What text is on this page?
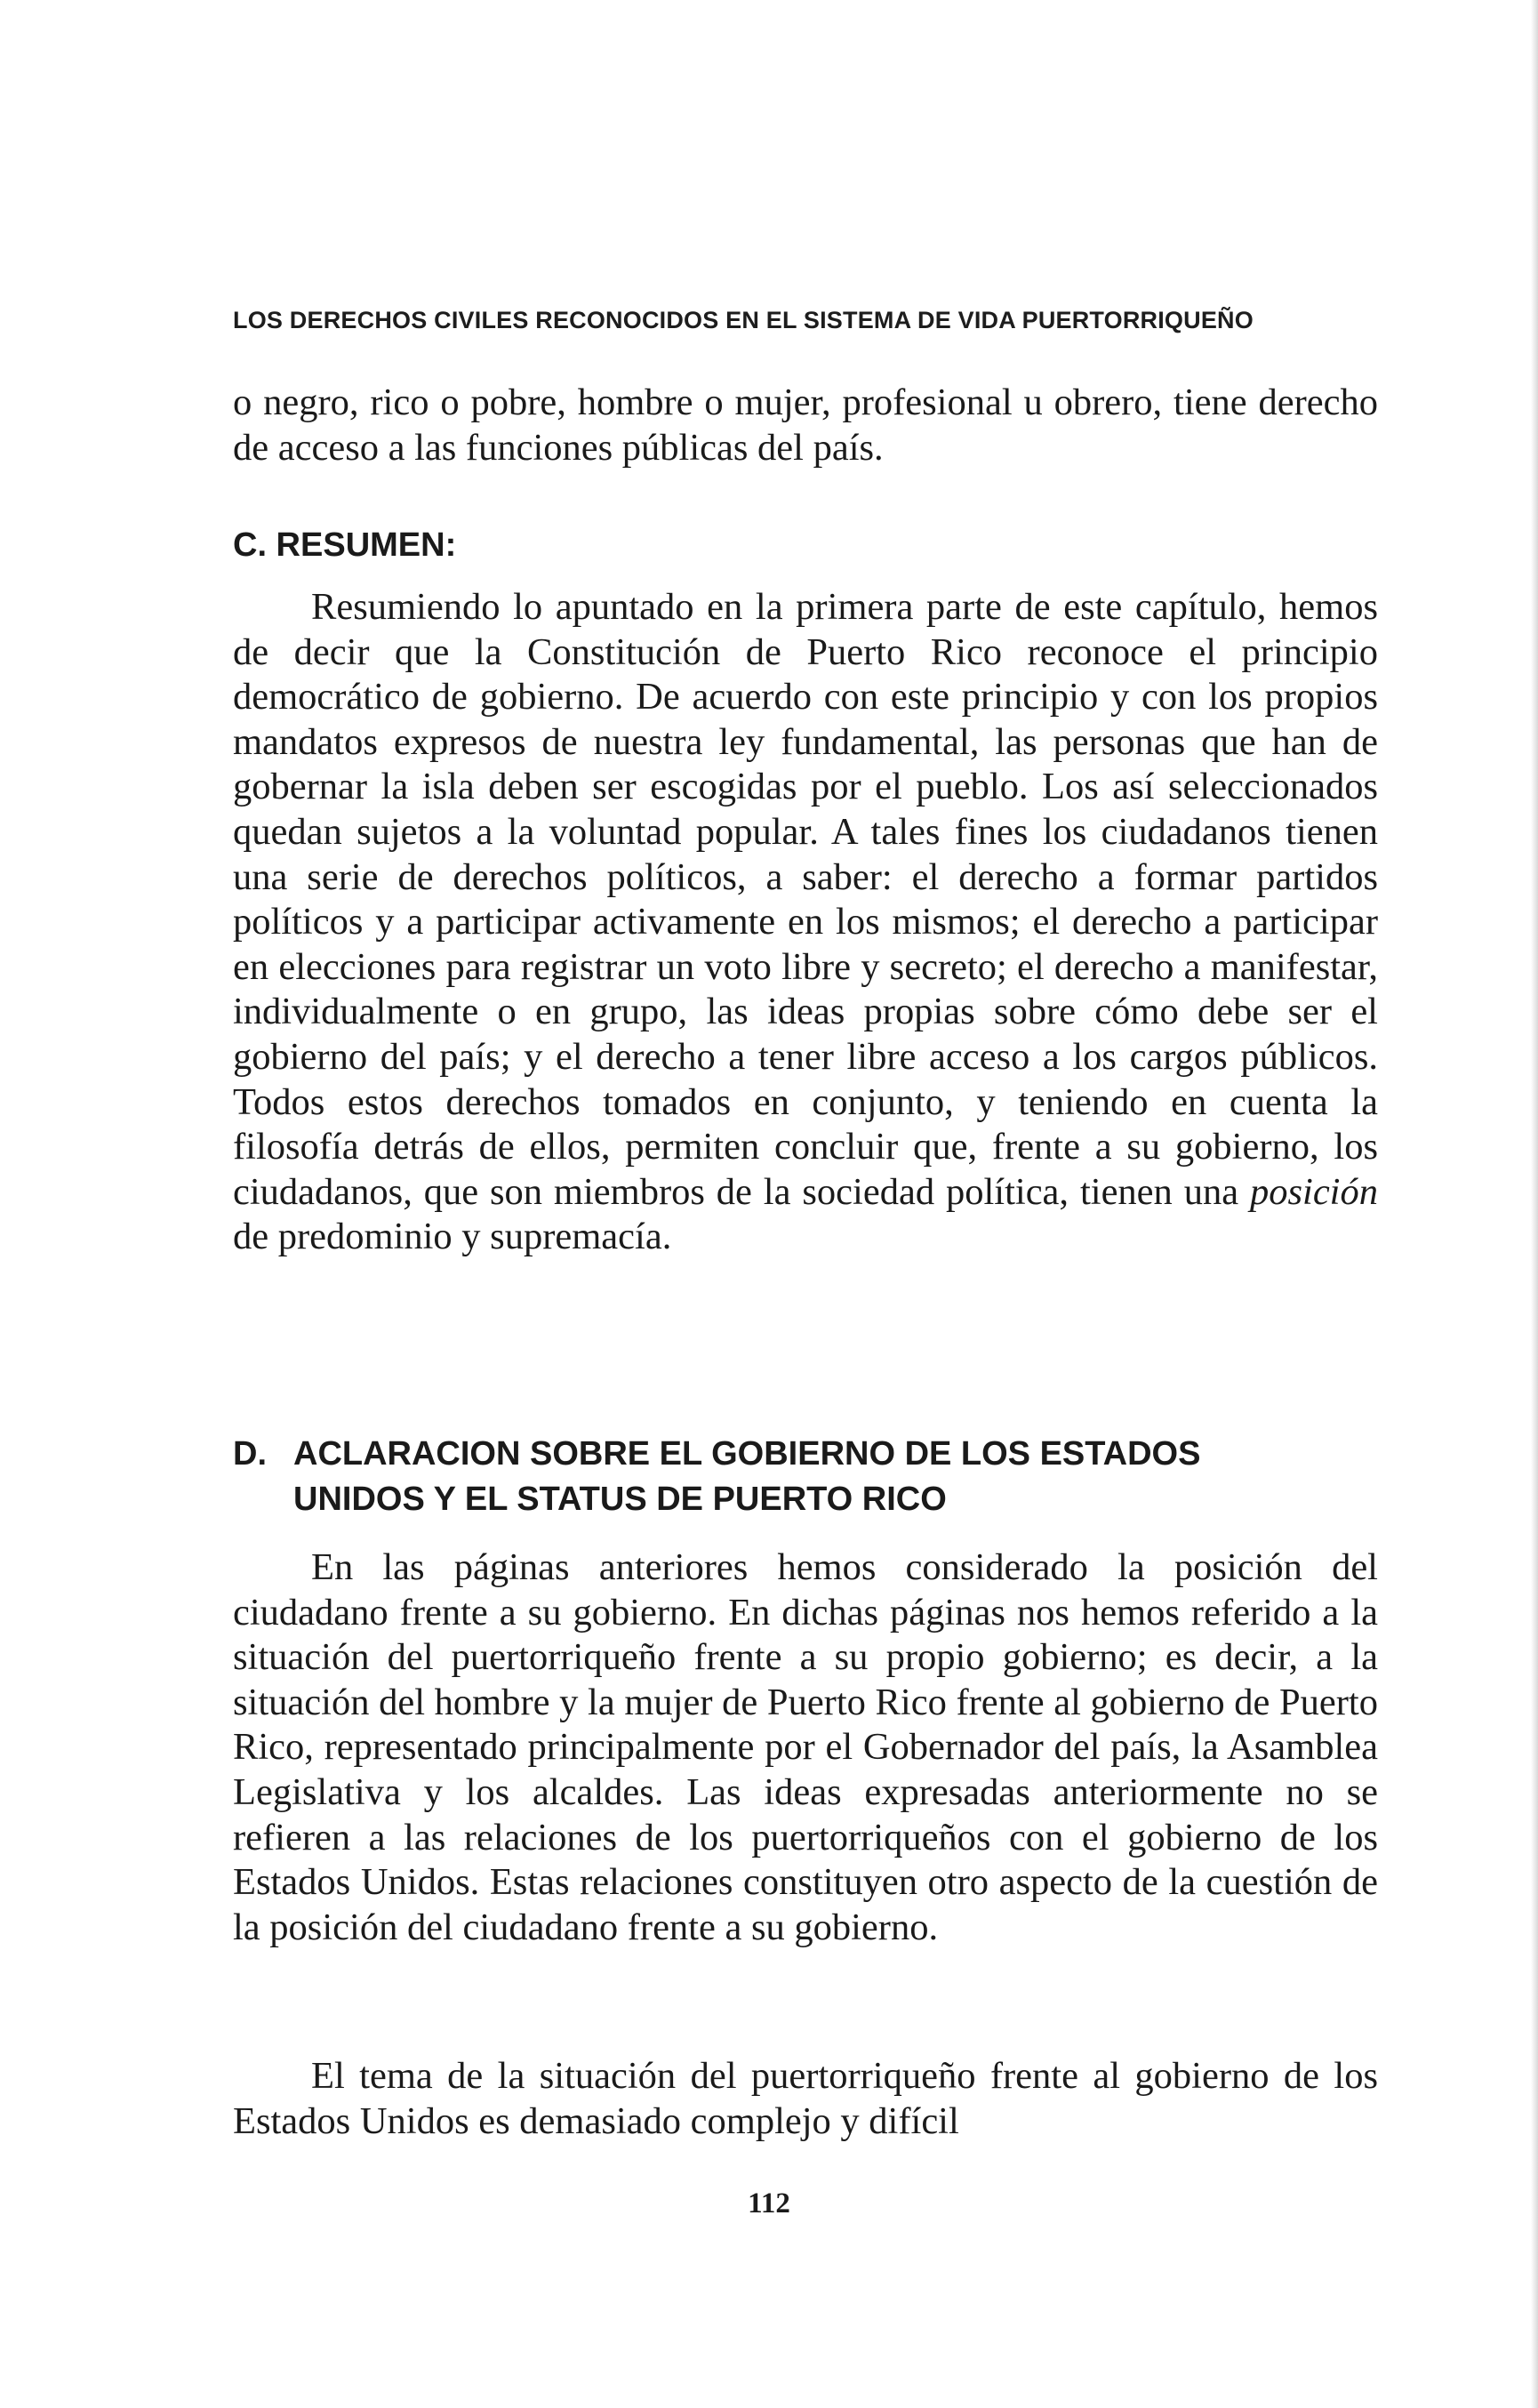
LOS DERECHOS CIVILES RECONOCIDOS EN EL SISTEMA DE VIDA PUERTORRIQUEÑO

o negro, rico o pobre, hombre o mujer, profesional u obrero, tiene derecho de acceso a las funciones públicas del país.

C. RESUMEN:

Resumiendo lo apuntado en la primera parte de este capítulo, hemos de decir que la Constitución de Puerto Rico reconoce el principio democrático de gobierno. De acuerdo con este principio y con los propios mandatos expresos de nuestra ley fundamental, las personas que han de gobernar la isla deben ser escogidas por el pueblo. Los así seleccionados quedan sujetos a la voluntad popular. A tales fines los ciudadanos tienen una serie de derechos políticos, a saber: el derecho a formar partidos políticos y a participar activamente en los mismos; el derecho a participar en elecciones para registrar un voto libre y secreto; el derecho a manifestar, individualmente o en grupo, las ideas propias sobre cómo debe ser el gobierno del país; y el derecho a tener libre acceso a los cargos públicos. Todos estos derechos tomados en conjunto, y teniendo en cuenta la filosofía detrás de ellos, permiten concluir que, frente a su gobierno, los ciudadanos, que son miembros de la sociedad política, tienen una posición de predominio y supremacía.

D. ACLARACION SOBRE EL GOBIERNO DE LOS ESTADOS
UNIDOS Y EL STATUS DE PUERTO RICO

En las páginas anteriores hemos considerado la posición del ciudadano frente a su gobierno. En dichas páginas nos hemos referido a la situación del puertorriqueño frente a su propio gobierno; es decir, a la situación del hombre y la mujer de Puerto Rico frente al gobierno de Puerto Rico, representado principalmente por el Gobernador del país, la Asamblea Legislativa y los alcaldes. Las ideas expresadas anteriormente no se refieren a las relaciones de los puertorriqueños con el gobierno de los Estados Unidos. Estas relaciones constituyen otro aspecto de la cuestión de la posición del ciudadano frente a su gobierno.

El tema de la situación del puertorriqueño frente al gobierno de los Estados Unidos es demasiado complejo y difícil

112
